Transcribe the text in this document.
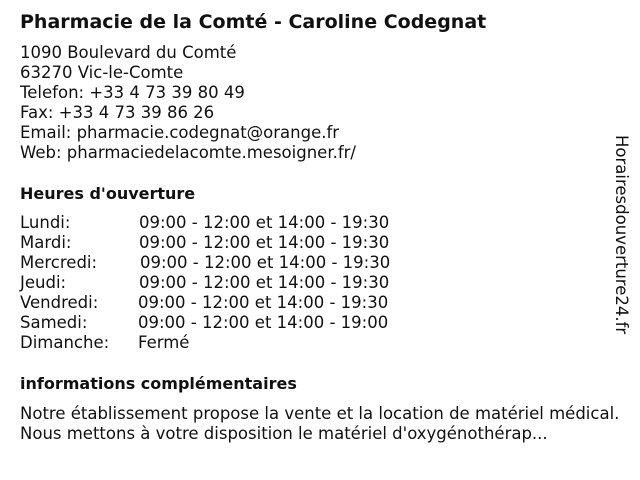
Pharmacie de la Comté - Caroline Codegnat
1090 Boulevard du Comté
63270 Vic-le-Comte
Telefon: +33 4 73 39 80 49
Fax: +33 4 73 39 86 26
Email: pharmacie.codegnat@orange.fr
Web: pharmaciedelacomte.mesoigner.fr/
Heures d'ouverture
Lundi:	09:00 - 12:00 et 14:00 - 19:30
Mardi:	09:00 - 12:00 et 14:00 - 19:30
Mercredi:	09:00 - 12:00 et 14:00 - 19:30
Jeudi:	09:00 - 12:00 et 14:00 - 19:30
Vendredi: 09:00 - 12:00 et 14:00 - 19:30
Samedi:	09:00 - 12:00 et 14:00 - 19:00
Dimanche: Fermé
informations complémentaires
Notre établissement propose la vente et la location de matériel médical. Nous mettons à votre disposition le matériel d'oxygénothérap...
Horairesdouverture24.fr
